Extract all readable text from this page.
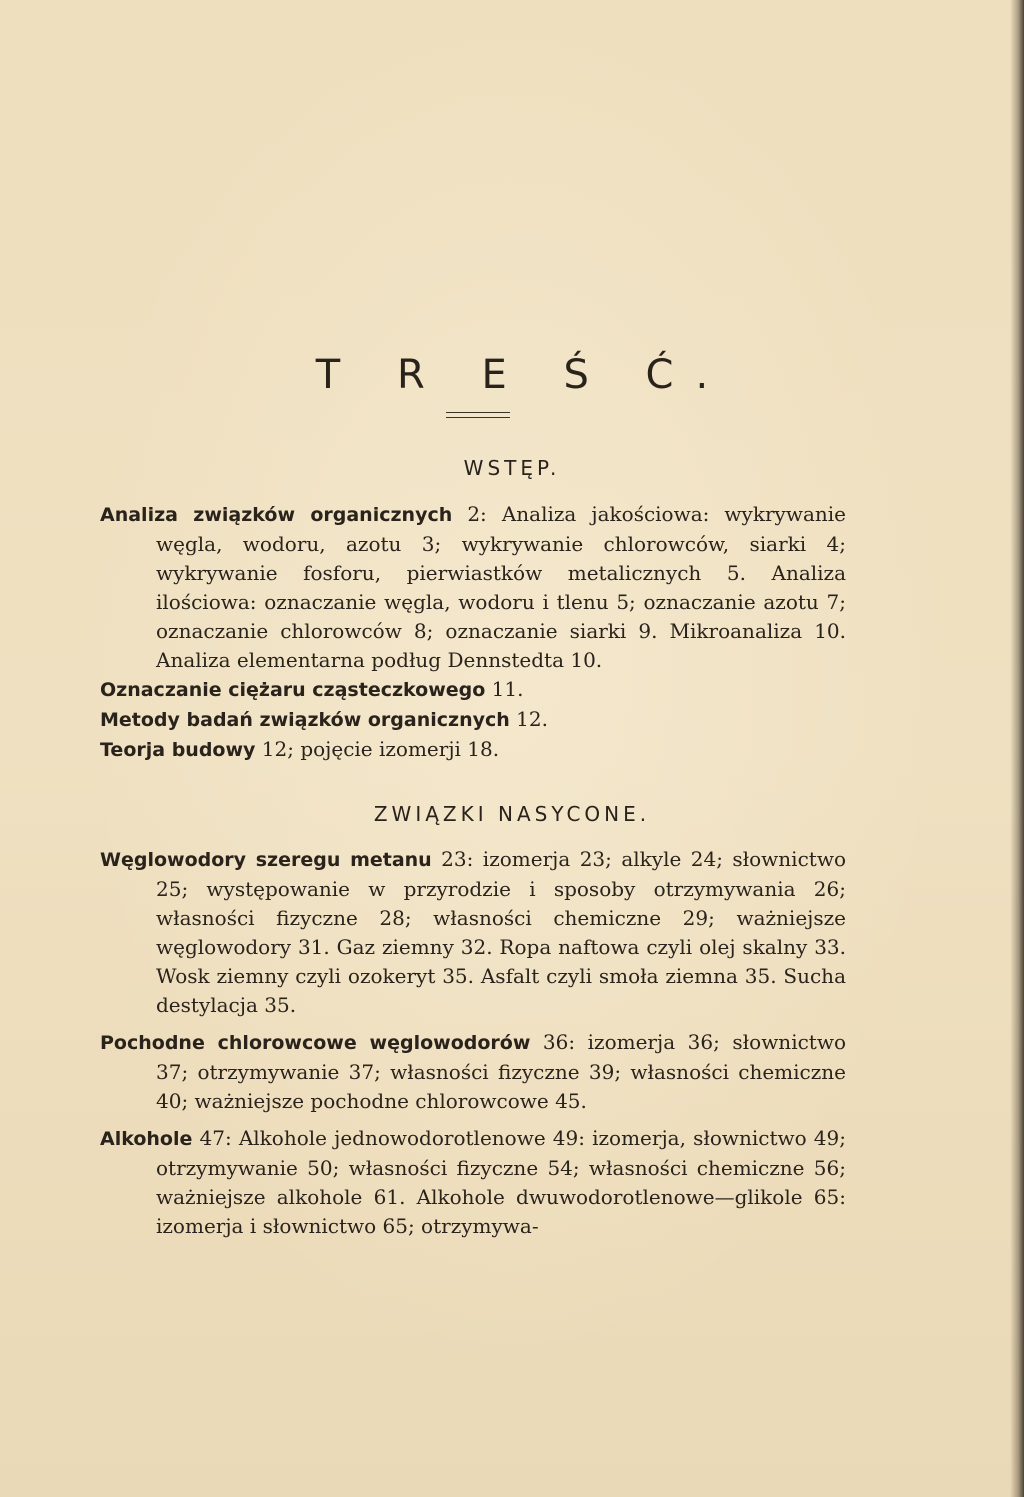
T R E Ś Ć.
WSTĘP.

Analiza związków organicznych 2: Analiza jakościowa: wykrywanie węgla, wodoru, azotu 3; wykrywanie chlorowców, siarki 4; wykrywanie fosforu, pierwiastków metalicznych 5. Analiza ilościowa: oznaczanie węgla, wodoru i tlenu 5; oznaczanie azotu 7; oznaczanie chlorowców 8; oznaczanie siarki 9. Mikroanaliza 10. Analiza elementarna podług Dennstedta 10.

Oznaczanie ciężaru cząsteczkowego 11.

Metody badań związków organicznych 12.

Teorja budowy 12; pojęcie izomerji 18.

ZWIĄZKI NASYCONE.

Węglowodory szeregu metanu 23: izomerja 23; alkyle 24; słownictwo 25; występowanie w przyrodzie i sposoby otrzymywania 26; własności fizyczne 28; własności chemiczne 29; ważniejsze węglowodory 31. Gaz ziemny 32. Ropa naftowa czyli olej skalny 33. Wosk ziemny czyli ozokeryt 35. Asfalt czyli smoła ziemna 35. Sucha destylacja 35.

Pochodne chlorowcowe węglowodorów 36: izomerja 36; słownictwo 37; otrzymywanie 37; własności fizyczne 39; własności chemiczne 40; ważniejsze pochodne chlorowcowe 45.

Alkohole 47: Alkohole jednowodorotlenowe 49: izomerja, słownictwo 49; otrzymywanie 50; własności fizyczne 54; własności chemiczne 56; ważniejsze alkohole 61. Alkohole dwuwodorotlenowe—glikole 65: izomerja i słownictwo 65; otrzymywa-
